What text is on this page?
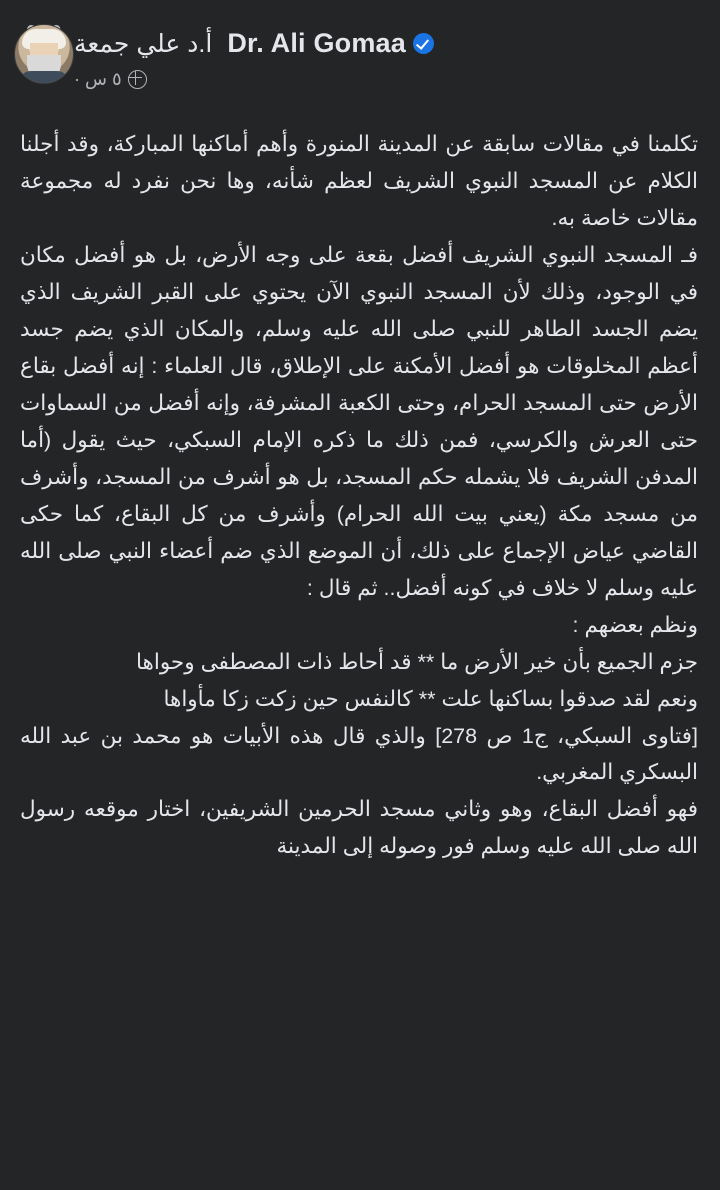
Dr. Ali Gomaa
أ.د علي جمعة
٥ س ·

تكلمنا في مقالات سابقة عن المدينة المنورة وأهم أماكنها المباركة، وقد أجلنا الكلام عن المسجد النبوي الشريف لعظم شأنه، وها نحن نفرد له مجموعة مقالات خاصة به.

فـ المسجد النبوي الشريف أفضل بقعة على وجه الأرض، بل هو أفضل مكان في الوجود، وذلك لأن المسجد النبوي الآن يحتوي على القبر الشريف الذي يضم الجسد الطاهر للنبي صلى الله عليه وسلم، والمكان الذي يضم جسد أعظم المخلوقات هو أفضل الأمكنة على الإطلاق، قال العلماء : إنه أفضل بقاع الأرض حتى المسجد الحرام، وحتى الكعبة المشرفة، وإنه أفضل من السماوات حتى العرش والكرسي، فمن ذلك ما ذكره الإمام السبكي، حيث يقول (أما المدفن الشريف فلا يشمله حكم المسجد، بل هو أشرف من المسجد، وأشرف من مسجد مكة (يعني بيت الله الحرام) وأشرف من كل البقاع، كما حكى القاضي عياض الإجماع على ذلك، أن الموضع الذي ضم أعضاء النبي صلى الله عليه وسلم لا خلاف في كونه أفضل.. ثم قال :

ونظم بعضهم :

جزم الجميع بأن خير الأرض ما ** قد أحاط ذات المصطفى وحواها

ونعم لقد صدقوا بساكنها علت ** كالنفس حين زكت زكا مأواها

[فتاوى السبكي، ج1 ص 278] والذي قال هذه الأبيات هو محمد بن عبد الله البسكري المغربي.

فهو أفضل البقاع، وهو وثاني مسجد الحرمين الشريفين، اختار موقعه رسول الله صلى الله عليه وسلم فور وصوله إلى المدينة
